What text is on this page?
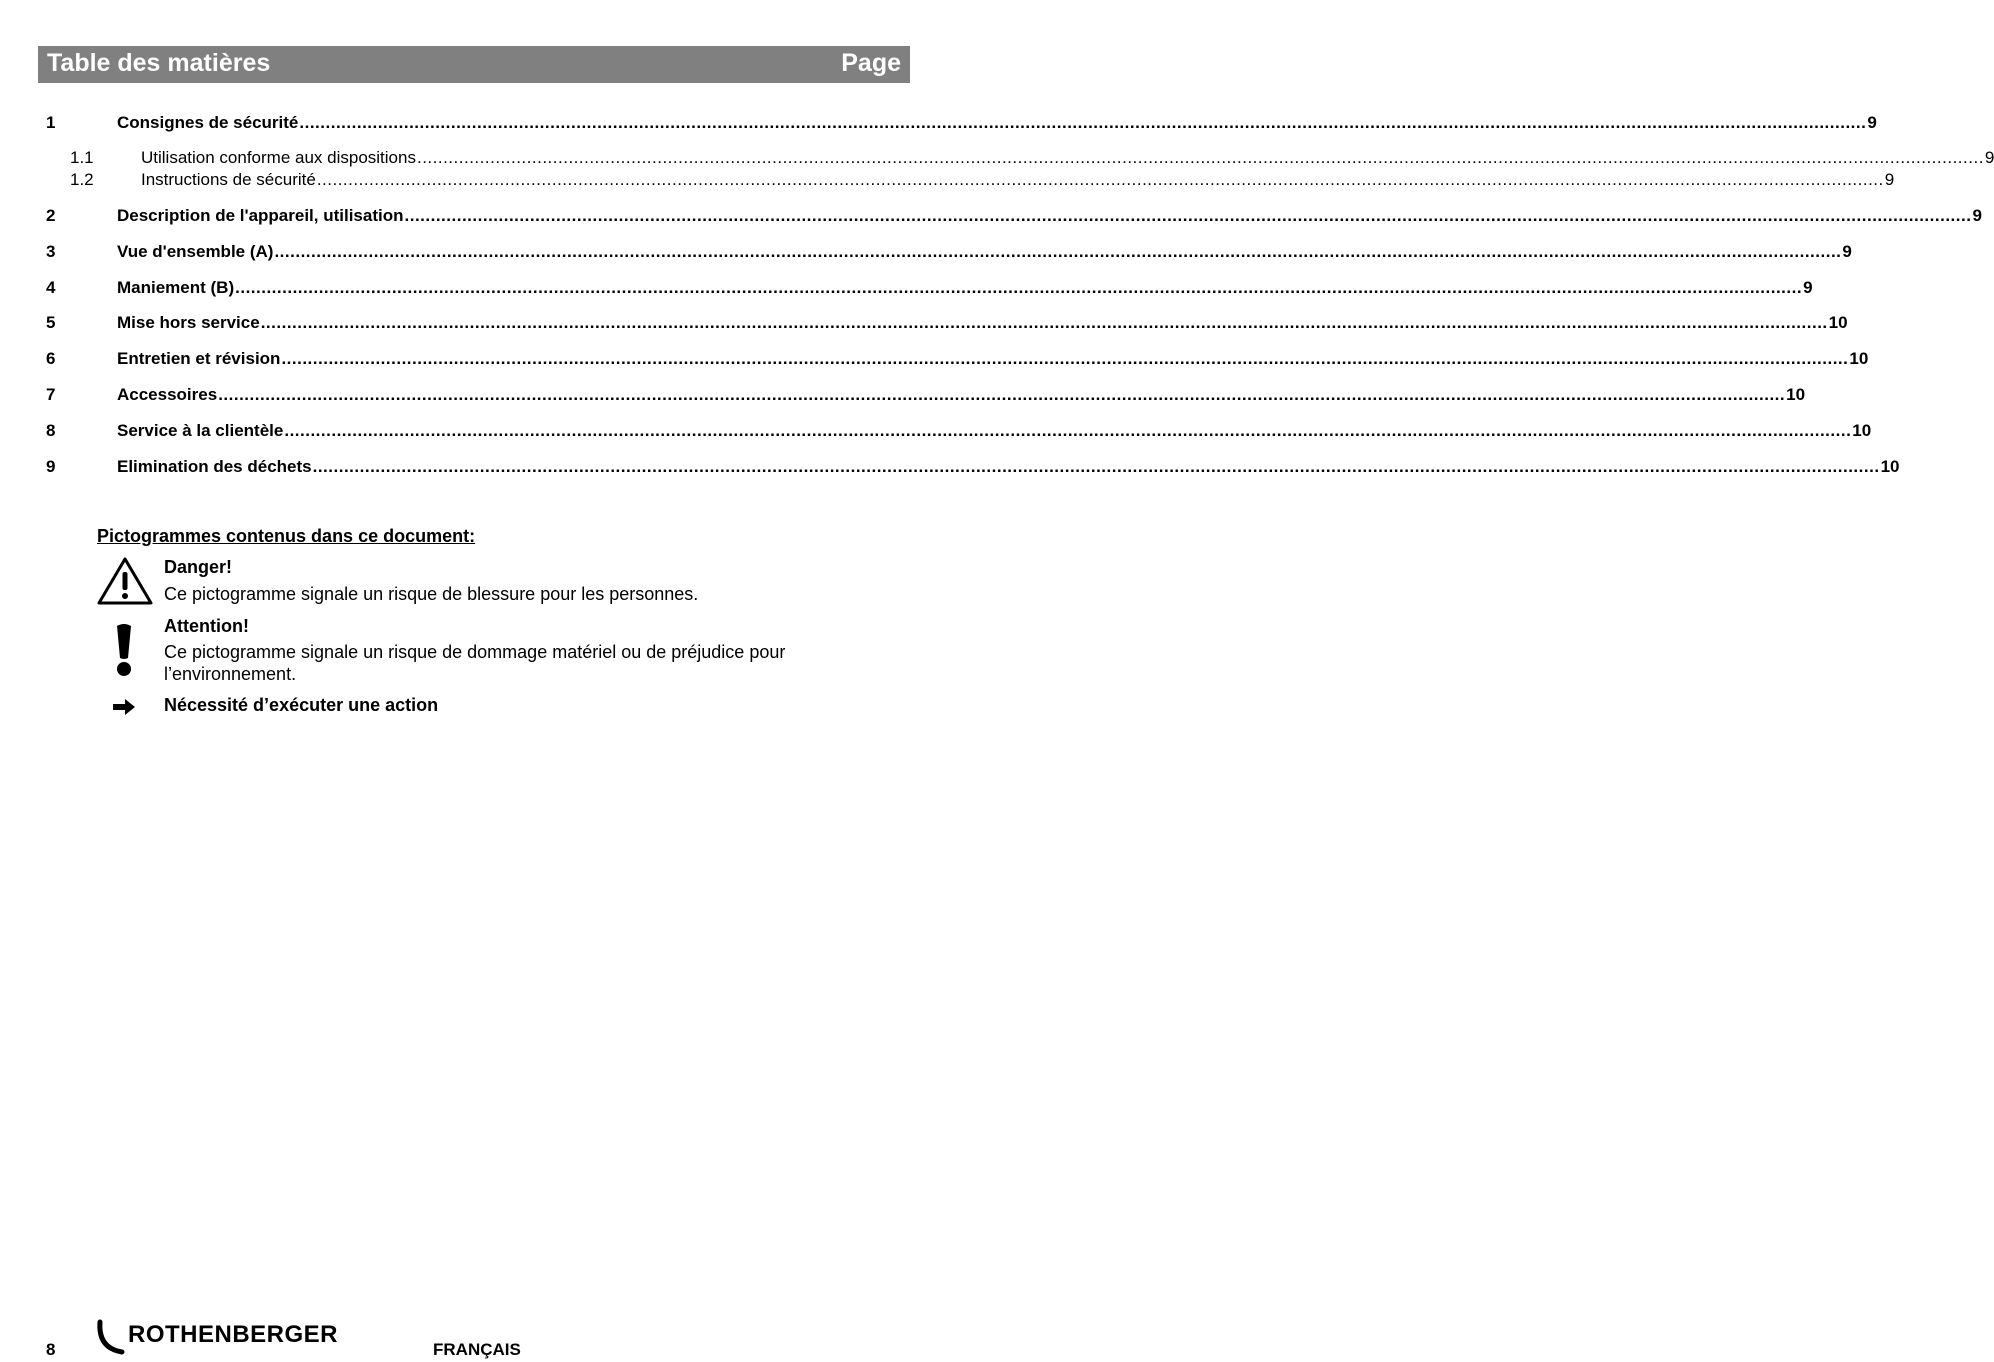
Table des matières	Page
1	Consignes de sécurité ............................................................................................................................................................................................................................................................................................................ 9
1.1	Utilisation conforme aux dispositions ............................................................................................................................................................................................................................................................................................................ 9
1.2	Instructions de sécurité ............................................................................................................................................................................................................................................................................................................ 9
2	Description de l'appareil, utilisation ............................................................................................................................................................................................................................................................................................................ 9
3	Vue d'ensemble (A) ............................................................................................................................................................................................................................................................................................................ 9
4	Maniement (B) ............................................................................................................................................................................................................................................................................................................ 9
5	Mise hors service ............................................................................................................................................................................................................................................................................................................ 10
6	Entretien et révision ............................................................................................................................................................................................................................................................................................................ 10
7	Accessoires ............................................................................................................................................................................................................................................................................................................ 10
8	Service à la clientèle ............................................................................................................................................................................................................................................................................................................ 10
9	Elimination des déchets ............................................................................................................................................................................................................................................................................................................ 10
Pictogrammes contenus dans ce document:
Danger!
Ce pictogramme signale un risque de blessure pour les personnes.
Attention!
Ce pictogramme signale un risque de dommage matériel ou de préjudice pour l’environnement.
Nécessité d’exécuter une action
8
ROTHENBERGER
FRANÇAIS
